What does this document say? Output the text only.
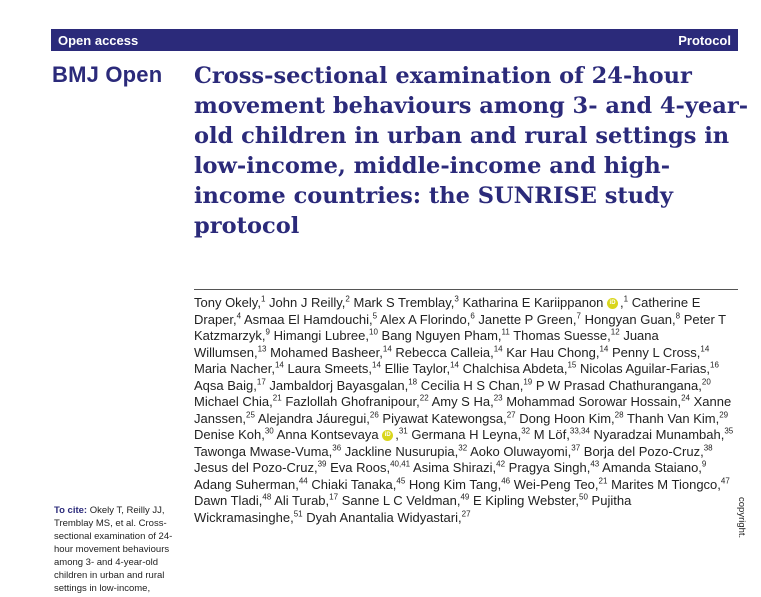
Open access	Protocol
BMJ Open Cross-sectional examination of 24-hour movement behaviours among 3- and 4-year-old children in urban and rural settings in low-income, middle-income and high-income countries: the SUNRISE study protocol

Tony Okely,$^1$ John J Reilly,$^2$ Mark S Tremblay,$^3$ Katharina E Kariippanon iD ,$^1$ Catherine E Draper,$^4$ Asmaa El Hamdouchi,$^5$ Alex A Florindo,$^6$ Janette P Green,$^7$ Hongyan Guan,$^8$ Peter T Katzmarzyk,$^9$ Himangi Lubree,$^{10}$ Bang Nguyen Pham,$^{11}$ Thomas Suesse,$^{12}$ Juana Willumsen,$^{13}$ Mohamed Basheer,$^{14}$ Rebecca Calleia,$^{14}$ Kar Hau Chong,$^{14}$ Penny L Cross,$^{14}$ Maria Nacher,$^{14}$ Laura Smeets,$^{14}$ Ellie Taylor,$^{14}$ Chalchisa Abdeta,$^{15}$ Nicolas Aguilar-Farias,$^{16}$ Aqsa Baig,$^{17}$ Jambaldorj Bayasgalan,$^{18}$ Cecilia H S Chan,$^{19}$ P W Prasad Chathurangana,$^{20}$ Michael Chia,$^{21}$ Fazlollah Ghofranipour,$^{22}$ Amy S Ha,$^{23}$ Mohammad Sorowar Hossain,$^{24}$ Xanne Janssen,$^{25}$ Alejandra Jáuregui,$^{26}$ Piyawat Katewongsa,$^{27}$ Dong Hoon Kim,$^{28}$ Thanh Van Kim,$^{29}$ Denise Koh,$^{30}$ Anna Kontsevaya iD ,$^{31}$ Germana H Leyna,$^{32}$ M Löf,$^{33,34}$ Nyaradzai Munambah,$^{35}$ Tawonga Mwase-Vuma,$^{36}$ Jackline Nusurupia,$^{32}$ Aoko Oluwayomi,$^{37}$ Borja del Pozo-Cruz,$^{38}$ Jesus del Pozo-Cruz,$^{39}$ Eva Roos,$^{40,41}$ Asima Shirazi,$^{42}$ Pragya Singh,$^{43}$ Amanda Staiano,$^9$ Adang Suherman,$^{44}$ Chiaki Tanaka,$^{45}$ Hong Kim Tang,$^{46}$ Wei-Peng Teo,$^{21}$ Marites M Tiongco,$^{47}$ Dawn Tladi,$^{48}$ Ali Turab,$^{17}$ Sanne L C Veldman,$^{49}$ E Kipling Webster,$^{50}$ Pujitha Wickramasinghe,$^{51}$ Dyah Anantalia Widyastari,$^{27}$

To cite: Okely T, Reilly JJ, Tremblay MS, et al. Cross-sectional examination of 24-hour movement behaviours among 3- and 4-year-old children in urban and rural settings in low-income,

copyright.
